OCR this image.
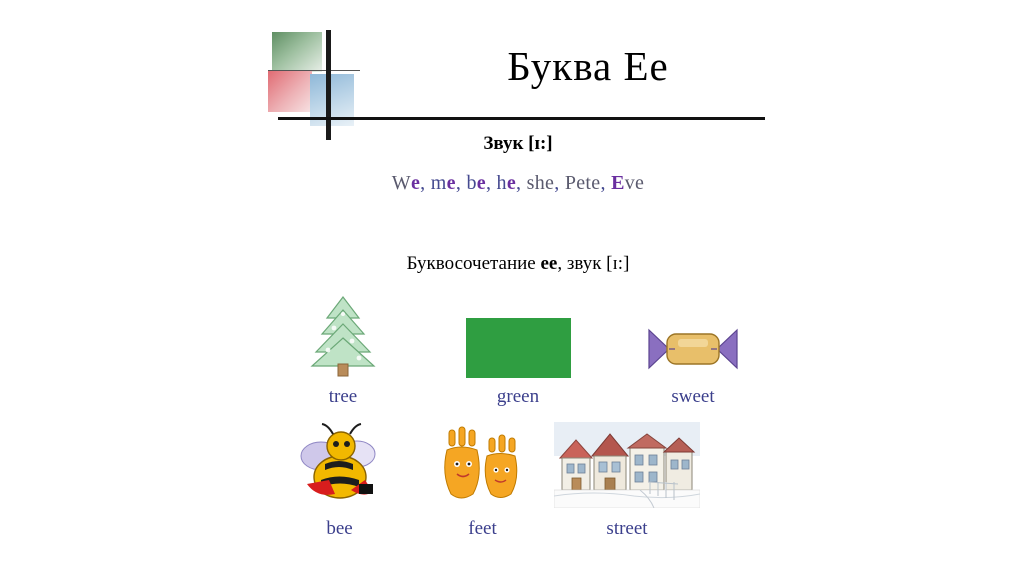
Буква Ee
Звук [ɪ:]
We, me, be, he, she, Pete, Eve
Буквосочетание ee, звук [ɪ:]
tree	green	sweet
bee	feet	street
